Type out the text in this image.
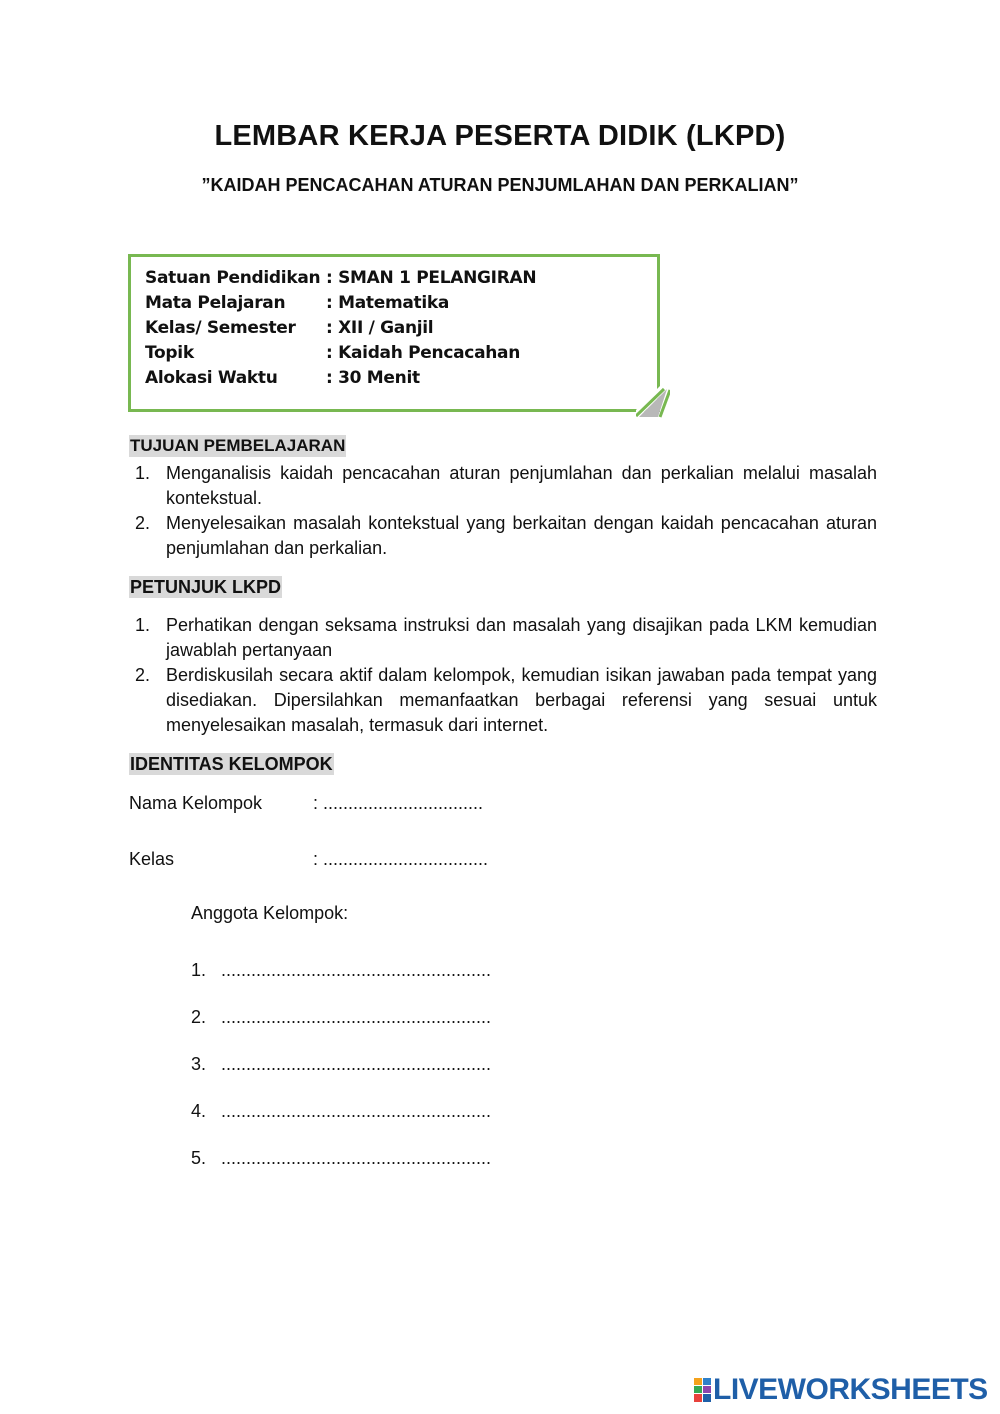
LEMBAR KERJA PESERTA DIDIK (LKPD)
”KAIDAH PENCACAHAN ATURAN PENJUMLAHAN DAN PERKALIAN”
Satuan Pendidikan : SMAN 1 PELANGIRAN
Mata Pelajaran : Matematika
Kelas/ Semester : XII / Ganjil
Topik	: Kaidah Pencacahan
Alokasi Waktu	: 30 Menit
TUJUAN PEMBELAJARAN
1. Menganalisis kaidah pencacahan aturan penjumlahan dan perkalian melalui masalah kontekstual.
2. Menyelesaikan masalah kontekstual yang berkaitan dengan kaidah pencacahan aturan penjumlahan dan perkalian.
PETUNJUK LKPD
1. Perhatikan dengan seksama instruksi dan masalah yang disajikan pada LKM kemudian jawablah pertanyaan
2. Berdiskusilah secara aktif dalam kelompok, kemudian isikan jawaban pada tempat yang disediakan. Dipersilahkan memanfaatkan berbagai referensi yang sesuai untuk menyelesaikan masalah, termasuk dari internet.
IDENTITAS KELOMPOK
Nama Kelompok	: ................................
Kelas	: .................................
Anggota Kelompok:
1. ......................................................
2. ......................................................
3. ......................................................
4. ......................................................
5. ......................................................
LIVEWORKSHEETS
